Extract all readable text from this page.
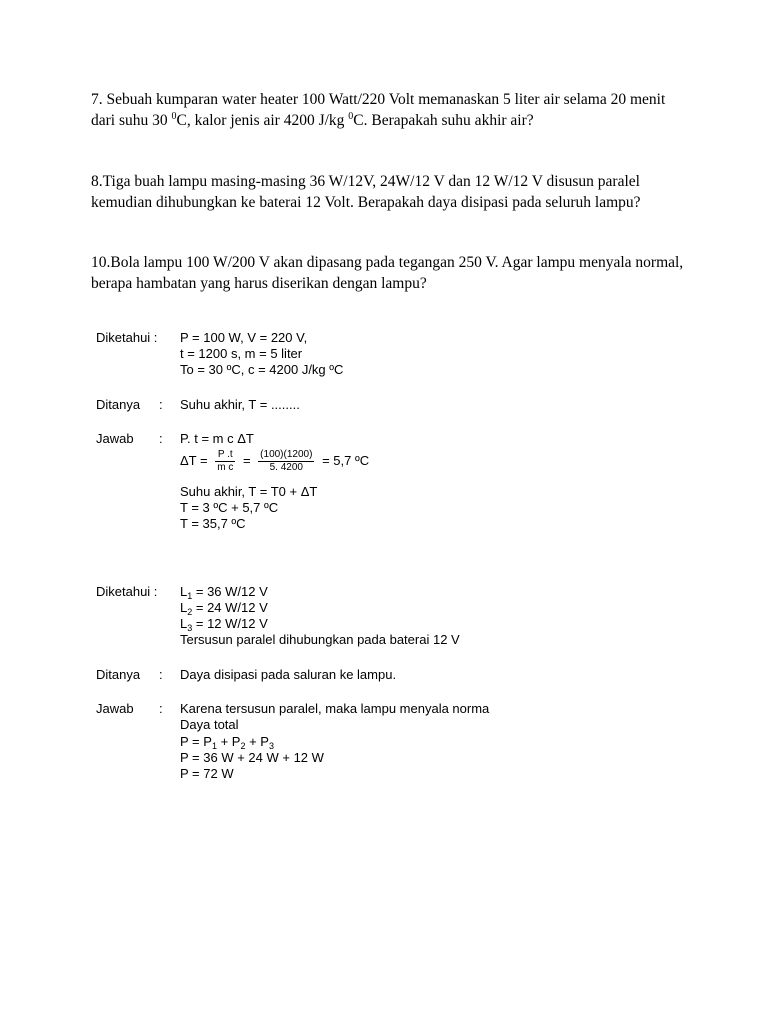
7. Sebuah kumparan water heater 100 Watt/220 Volt memanaskan 5 liter air selama 20 menit dari suhu 30 $^0$C, kalor jenis air 4200 J/kg $^0$C. Berapakah suhu akhir air?

8.Tiga buah lampu masing-masing 36 W/12V, 24W/12 V dan 12 W/12 V disusun paralel kemudian dihubungkan ke baterai 12 Volt. Berapakah daya disipasi pada seluruh lampu?

10.Bola lampu 100 W/200 V akan dipasang pada tegangan 250 V. Agar lampu menyala normal, berapa hambatan yang harus diserikan dengan lampu?

Diketahui : P = 100 W, V = 220 V,
t = 1200 s, m = 5 liter
To = 30 ºC, c = 4200 J/kg ºC
Ditanya : Suhu akhir, T = ........
Jawab : P. t = m c ΔT
$\Delta T = \frac{P .t}{\text{m c}} = \frac{(100)(1200)}{5. 4200} = 5,7$ ºC
Suhu akhir, T = T0 + ΔT
T = 3 ºC + 5,7 ºC
T = 35,7 ºC
Diketahui : $L_1 = 36$ W/12 V
$L_2 = 24$ W/12 V
$L_3 = 12$ W/12 V
Tersusun paralel dihubungkan pada baterai 12 V
Ditanya : Daya disipasi pada saluran ke lampu.
Jawab : Karena tersusun paralel, maka lampu menyala norma
Daya total
$P = P_1 + P_2 + P_3$
P = 36 W + 24 W + 12 W
P = 72 W
